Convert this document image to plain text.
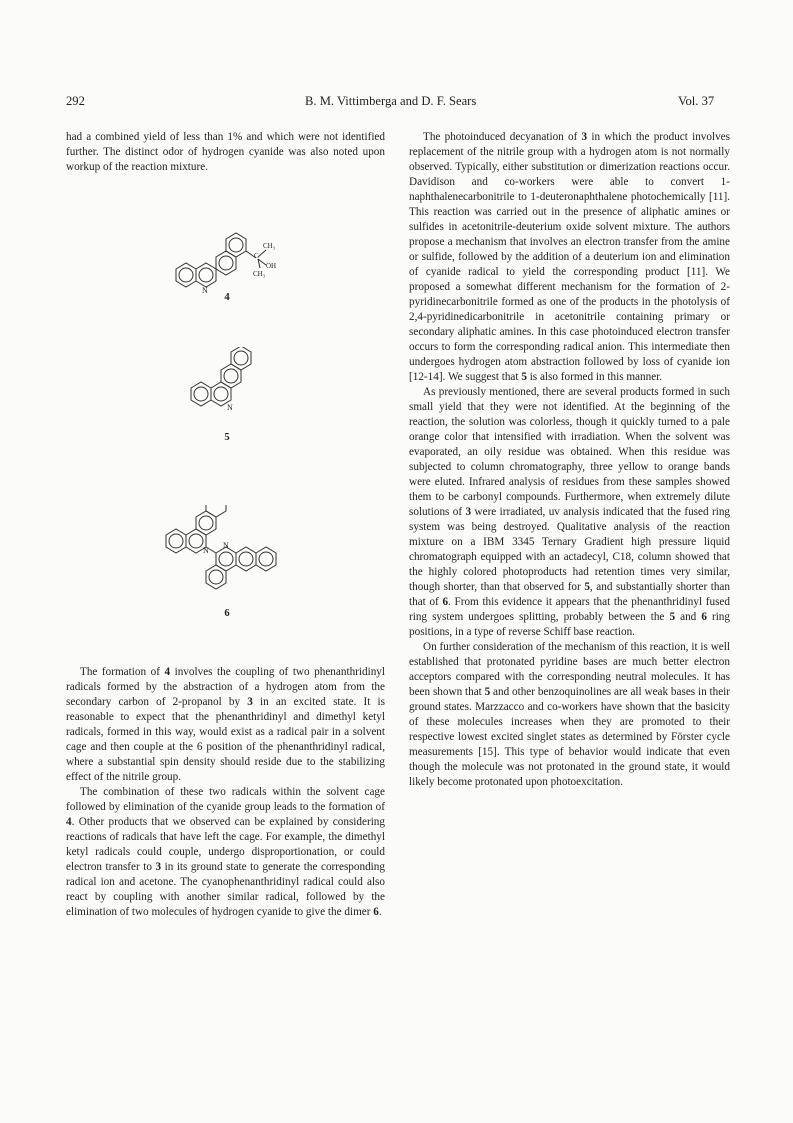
292	B. M. Vittimberga and D. F. Sears	Vol. 37

had a combined yield of less than 1% and which were not identified further. The distinct odor of hydrogen cyanide was also noted upon workup of the reaction mixture.

N
C
CH₃
OH
CH₃
4
N
5
N
N
6

The formation of 4 involves the coupling of two phenanthridinyl radicals formed by the abstraction of a hydrogen atom from the secondary carbon of 2-propanol by 3 in an excited state. It is reasonable to expect that the phenanthridinyl and dimethyl ketyl radicals, formed in this way, would exist as a radical pair in a solvent cage and then couple at the 6 position of the phenanthridinyl radical, where a substantial spin density should reside due to the stabilizing effect of the nitrile group.

The combination of these two radicals within the solvent cage followed by elimination of the cyanide group leads to the formation of 4. Other products that we observed can be explained by considering reactions of radicals that have left the cage. For example, the dimethyl ketyl radicals could couple, undergo disproportionation, or could electron transfer to 3 in its ground state to generate the corresponding radical ion and acetone. The cyanophenanthridinyl radical could also react by coupling with another similar radical, followed by the elimination of two molecules of hydrogen cyanide to give the dimer 6.

The photoinduced decyanation of 3 in which the product involves replacement of the nitrile group with a hydrogen atom is not normally observed. Typically, either substitution or dimerization reactions occur. Davidison and co-workers were able to convert 1-naphthalenecarbonitrile to 1-deuteronaphthalene photochemically [11]. This reaction was carried out in the presence of aliphatic amines or sulfides in acetonitrile-deuterium oxide solvent mixture. The authors propose a mechanism that involves an electron transfer from the amine or sulfide, followed by the addition of a deuterium ion and elimination of cyanide radical to yield the corresponding product [11]. We proposed a somewhat different mechanism for the formation of 2-pyridinecarbonitrile formed as one of the products in the photolysis of 2,4-pyridinedicarbonitrile in acetonitrile containing primary or secondary aliphatic amines. In this case photoinduced electron transfer occurs to form the corresponding radical anion. This intermediate then undergoes hydrogen atom abstraction followed by loss of cyanide ion [12-14]. We suggest that 5 is also formed in this manner.

As previously mentioned, there are several products formed in such small yield that they were not identified. At the beginning of the reaction, the solution was colorless, though it quickly turned to a pale orange color that intensified with irradiation. When the solvent was evaporated, an oily residue was obtained. When this residue was subjected to column chromatography, three yellow to orange bands were eluted. Infrared analysis of residues from these samples showed them to be carbonyl compounds. Furthermore, when extremely dilute solutions of 3 were irradiated, uv analysis indicated that the fused ring system was being destroyed. Qualitative analysis of the reaction mixture on a IBM 3345 Ternary Gradient high pressure liquid chromatograph equipped with an actadecyl, C18, column showed that the highly colored photoproducts had retention times very similar, though shorter, than that observed for 5, and substantially shorter than that of 6. From this evidence it appears that the phenanthridinyl fused ring system undergoes splitting, probably between the 5 and 6 ring positions, in a type of reverse Schiff base reaction.

On further consideration of the mechanism of this reaction, it is well established that protonated pyridine bases are much better electron acceptors compared with the corresponding neutral molecules. It has been shown that 5 and other benzoquinolines are all weak bases in their ground states. Marzzacco and co-workers have shown that the basicity of these molecules increases when they are promoted to their respective lowest excited singlet states as determined by Förster cycle measurements [15]. This type of behavior would indicate that even though the molecule was not protonated in the ground state, it would likely become protonated upon photoexcitation.
